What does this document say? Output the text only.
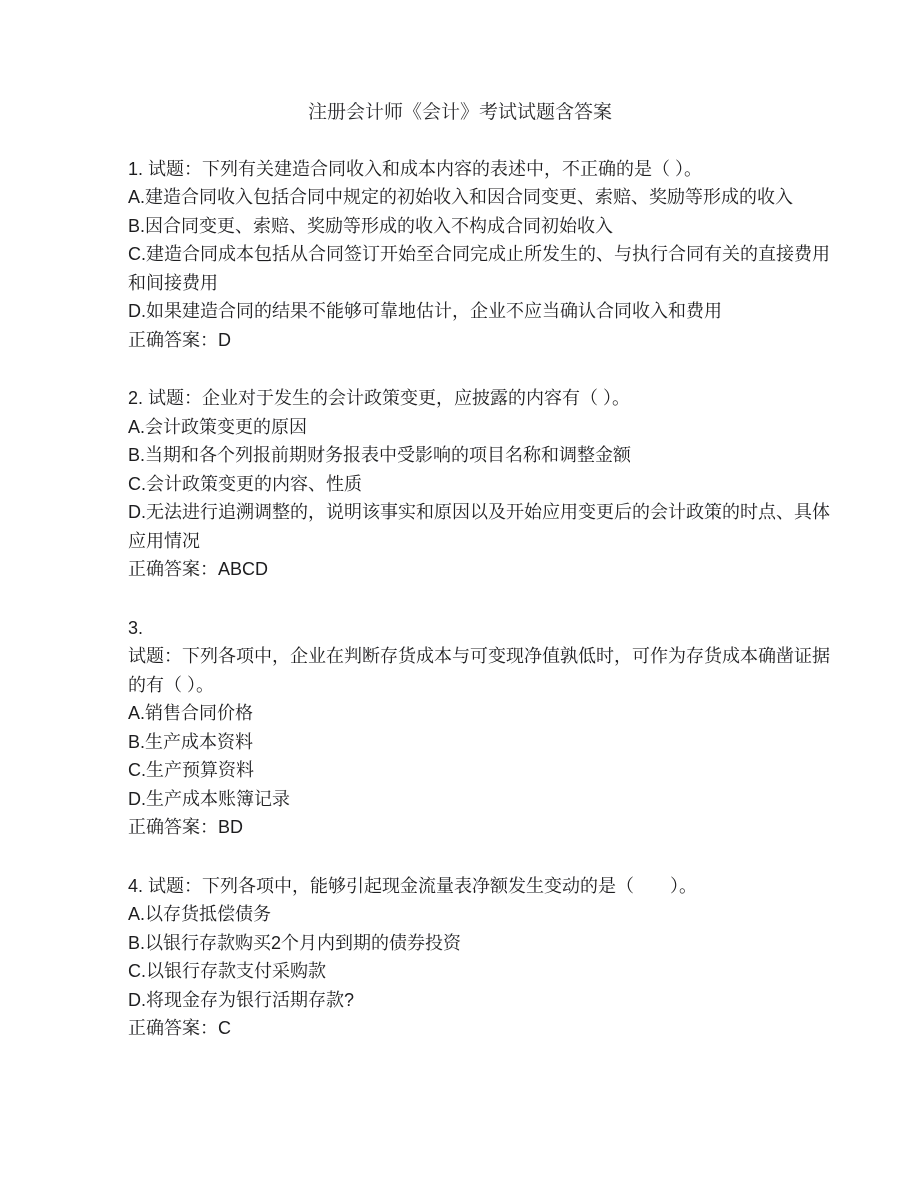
注册会计师《会计》考试试题含答案
1. 试题：下列有关建造合同收入和成本内容的表述中，不正确的是（ ）。
A.建造合同收入包括合同中规定的初始收入和因合同变更、索赔、奖励等形成的收入
B.因合同变更、索赔、奖励等形成的收入不构成合同初始收入
C.建造合同成本包括从合同签订开始至合同完成止所发生的、与执行合同有关的直接费用
和间接费用
D.如果建造合同的结果不能够可靠地估计，企业不应当确认合同收入和费用
正确答案：D
2. 试题：企业对于发生的会计政策变更，应披露的内容有（ ）。
A.会计政策变更的原因
B.当期和各个列报前期财务报表中受影响的项目名称和调整金额
C.会计政策变更的内容、性质
D.无法进行追溯调整的，说明该事实和原因以及开始应用变更后的会计政策的时点、具体
应用情况
正确答案：ABCD
3.
试题：下列各项中，企业在判断存货成本与可变现净值孰低时，可作为存货成本确凿证据
的有（ ）。
A.销售合同价格
B.生产成本资料
C.生产预算资料
D.生产成本账簿记录
正确答案：BD
4. 试题：下列各项中，能够引起现金流量表净额发生变动的是（　　）。
A.以存货抵偿债务
B.以银行存款购买2个月内到期的债券投资
C.以银行存款支付采购款
D.将现金存为银行活期存款?
正确答案：C
